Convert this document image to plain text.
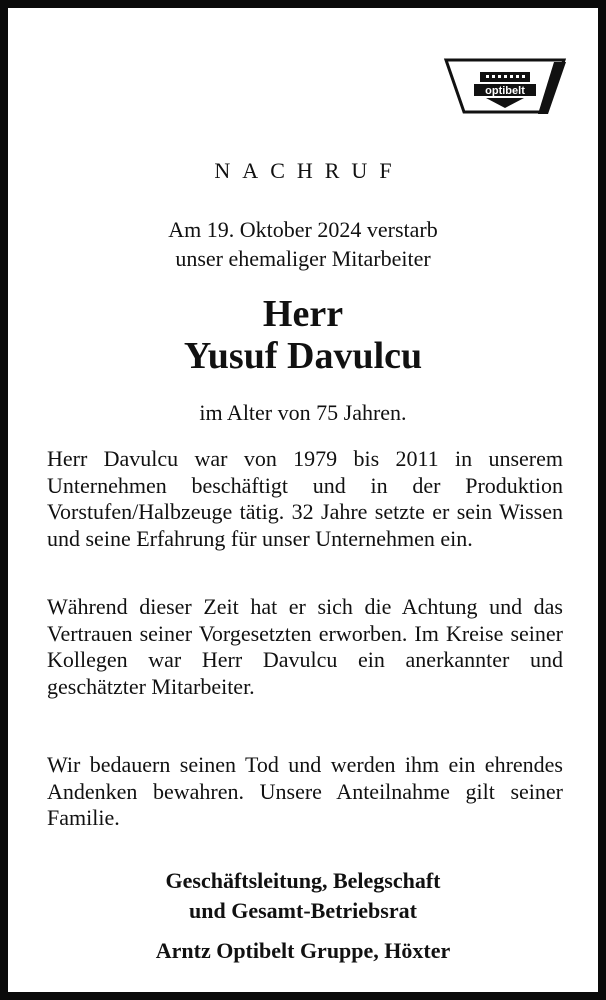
optibelt
NACHRUF
Am 19. Oktober 2024 verstarb
unser ehemaliger Mitarbeiter
Herr
Yusuf Davulcu
im Alter von 75 Jahren.
Herr Davulcu war von 1979 bis 2011 in unserem Unternehmen beschäftigt und in der Produktion Vorstufen/Halbzeuge tätig. 32 Jahre setzte er sein Wissen und seine Erfahrung für unser Unternehmen ein.
Während dieser Zeit hat er sich die Achtung und das Vertrauen seiner Vorgesetzten erworben. Im Kreise seiner Kollegen war Herr Davulcu ein anerkannter und geschätzter Mitarbeiter.
Wir bedauern seinen Tod und werden ihm ein ehrendes Andenken bewahren. Unsere Anteilnahme gilt seiner Familie.
Geschäftsleitung, Belegschaft
und Gesamt-Betriebsrat
Arntz Optibelt Gruppe, Höxter
